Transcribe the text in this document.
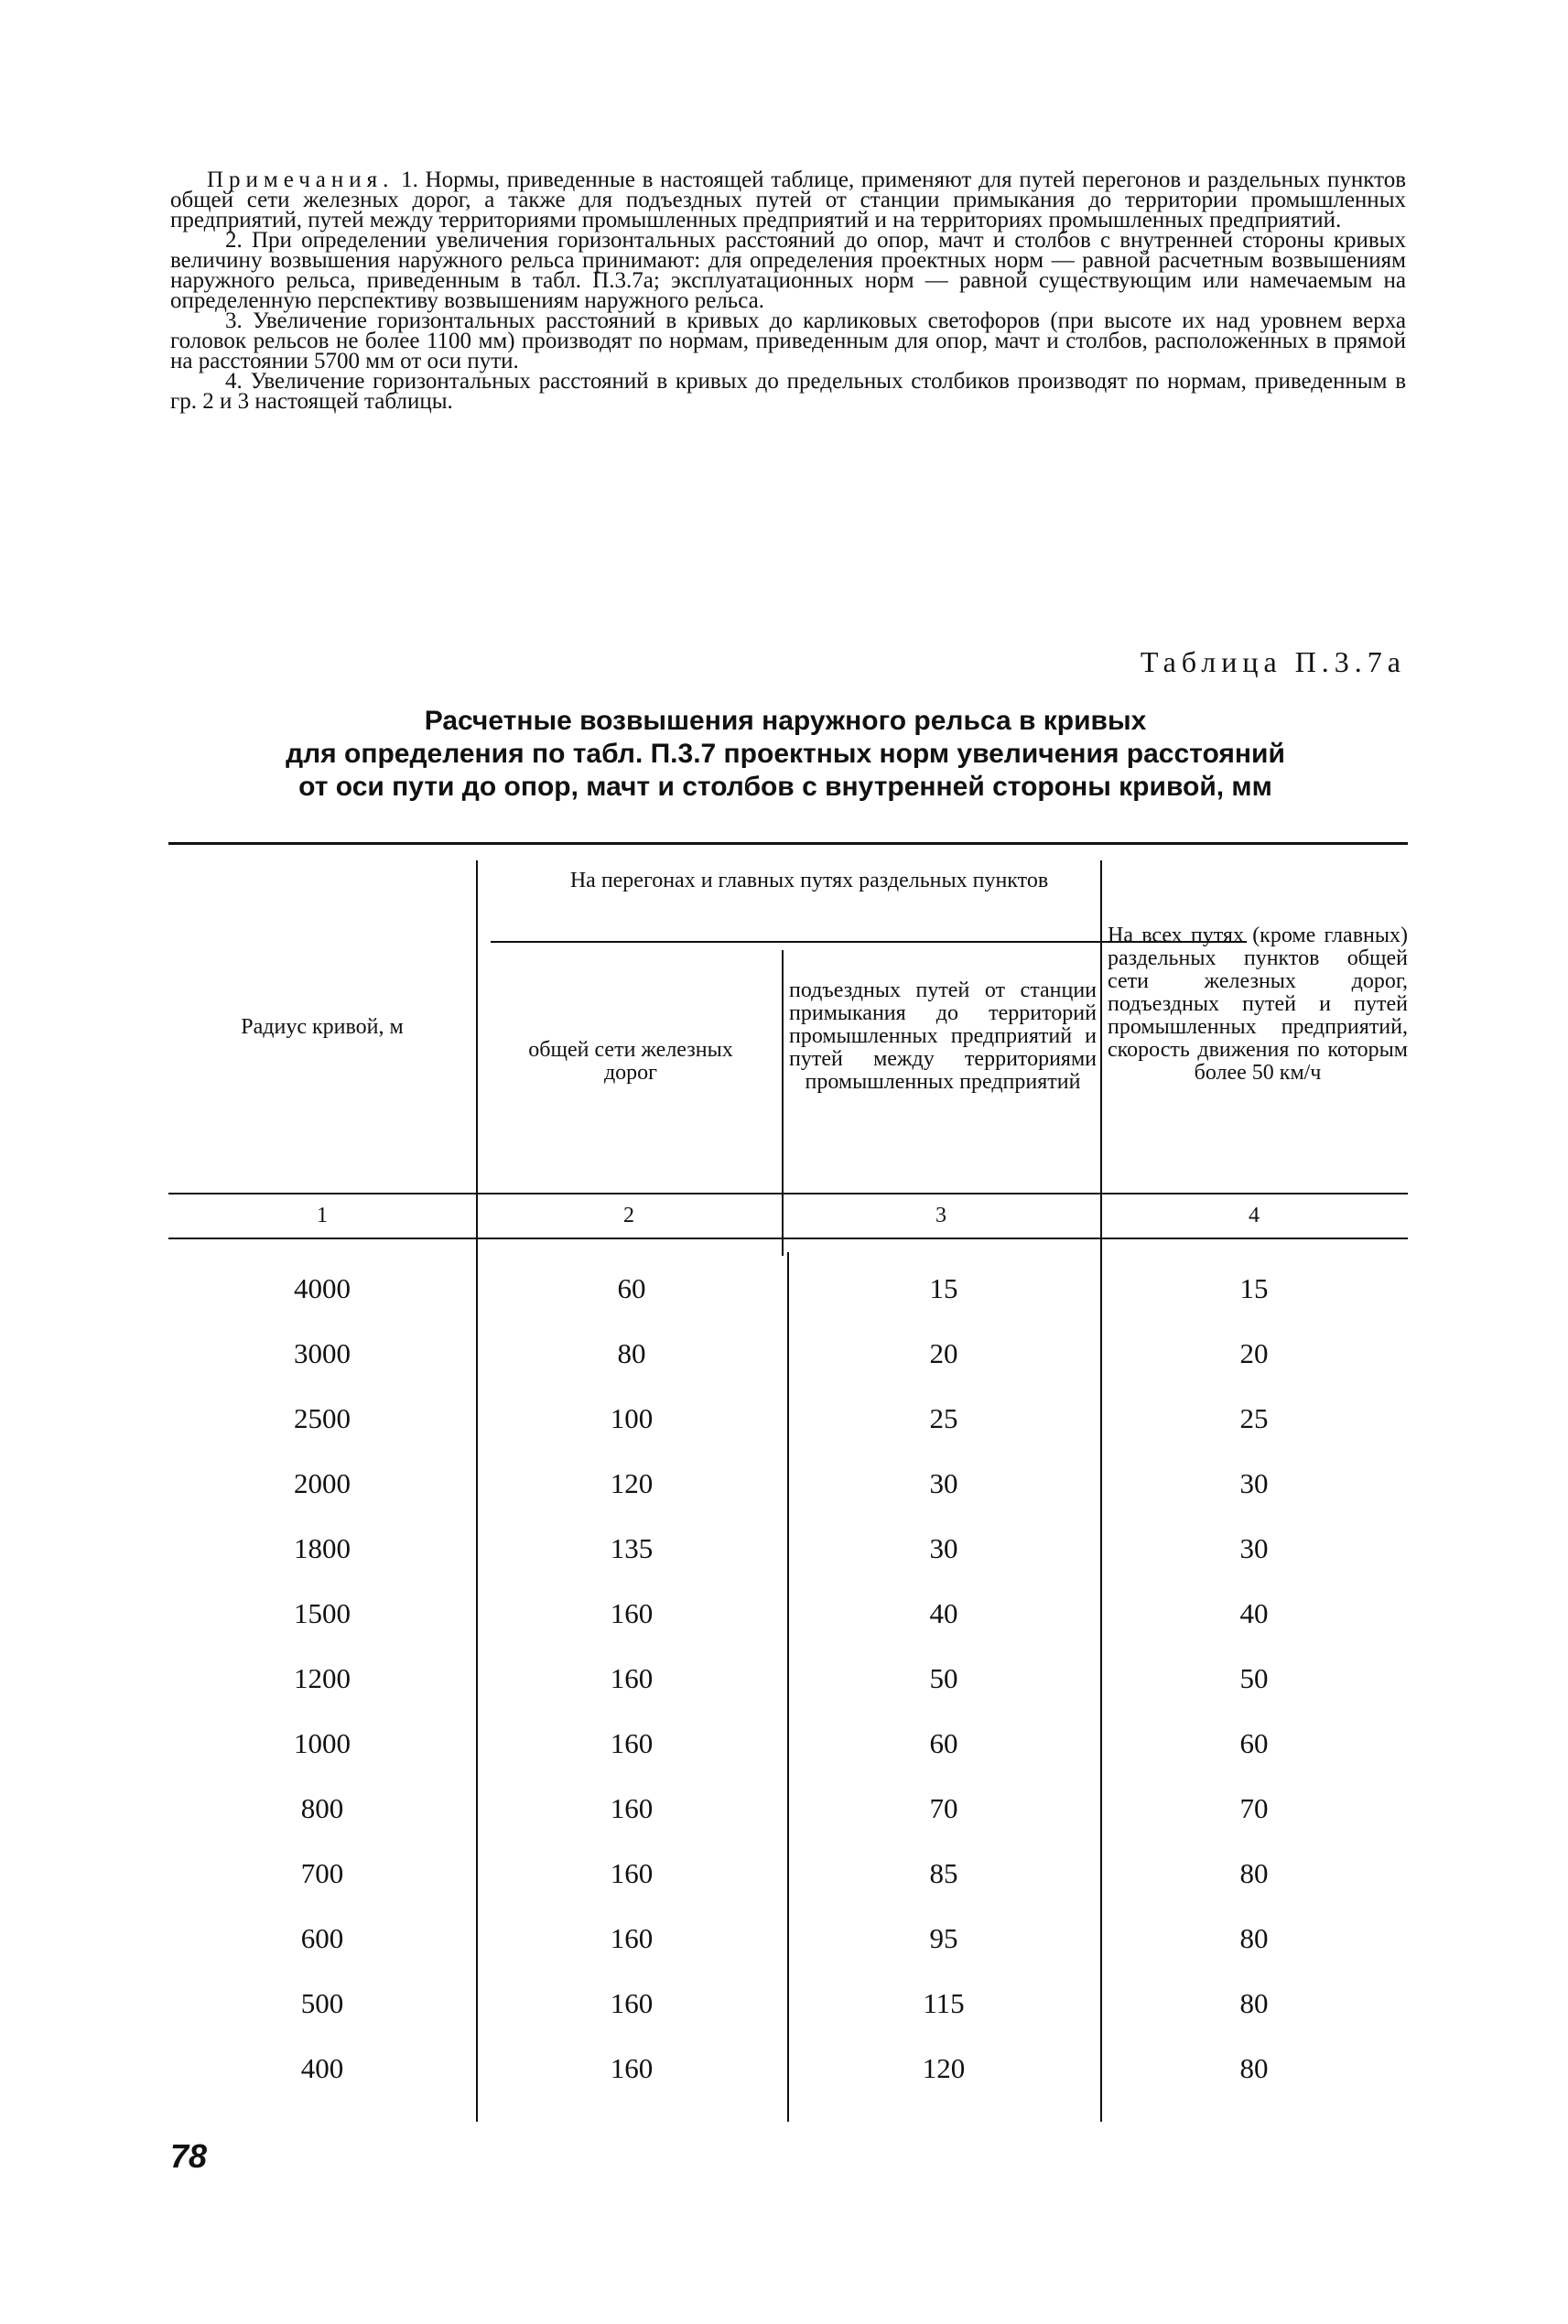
Примечания. 1. Нормы, приведенные в настоящей таблице, применяют для путей перегонов и раздельных пунктов общей сети железных дорог, а также для подъездных путей от станции примыкания до территории промышленных предприятий, путей между территориями промышленных предприятий и на территориях промышленных предприятий.

2. При определении увеличения горизонтальных расстояний до опор, мачт и столбов с внутренней стороны кривых величину возвышения наружного рельса принимают: для определения проектных норм — равной расчетным возвышениям наружного рельса, приведенным в табл. П.3.7а; эксплуатационных норм — равной существующим или намечаемым на определенную перспективу возвышениям наружного рельса.

3. Увеличение горизонтальных расстояний в кривых до карликовых светофоров (при высоте их над уровнем верха головок рельсов не более 1100 мм) производят по нормам, приведенным для опор, мачт и столбов, расположенных в прямой на расстоянии 5700 мм от оси пути.

4. Увеличение горизонтальных расстояний в кривых до предельных столбиков производят по нормам, приведенным в гр. 2 и 3 настоящей таблицы.

Таблица П.3.7а
Расчетные возвышения наружного рельса в кривых
для определения по табл. П.3.7 проектных норм увеличения расстояний
от оси пути до опор, мачт и столбов с внутренней стороны кривой, мм
Радиус кривой, м
На перегонах и главных путях раздельных пунктов
общей сети железных дорог
подъездных путей от станции примыкания до территорий промышленных предприятий и путей между территориями промышленных предприятий
На всех путях (кроме главных) раздельных пунктов общей сети железных дорог, подъездных путей и путей промышленных предприятий, скорость движения по которым более 50 км/ч
1	2	3	4
4000	60	15	15
3000	80	20	20
2500	100	25	25
2000	120	30	30
1800	135	30	30
1500	160	40	40
1200	160	50	50
1000	160	60	60
800	160	70	70
700	160	85	80
600	160	95	80
500	160	115	80
400	160	120	80
78
